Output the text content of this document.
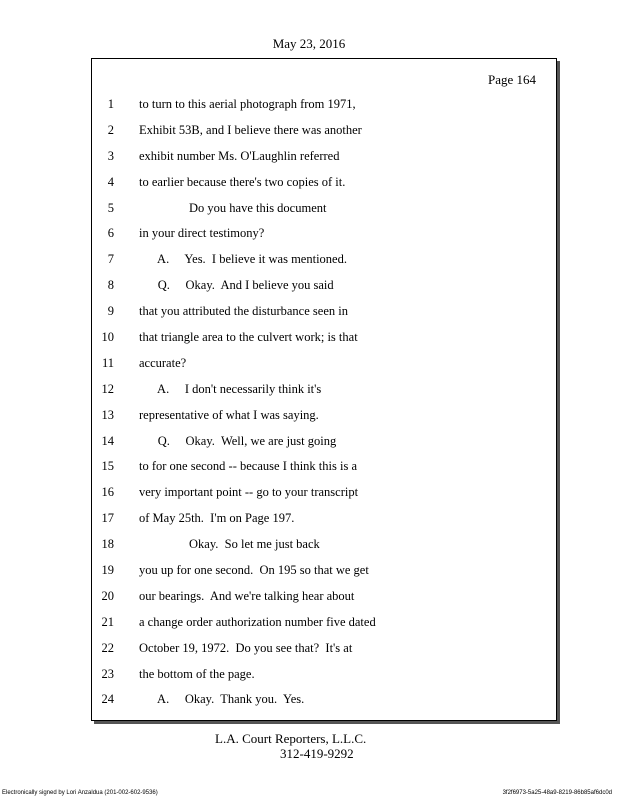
May 23, 2016
Page 164
1 to turn to this aerial photograph from 1971,
2 Exhibit 53B, and I believe there was another
3 exhibit number Ms. O'Laughlin referred
4 to earlier because there's two copies of it.
5 Do you have this document
6 in your direct testimony?
7 A.     Yes.  I believe it was mentioned.
8 Q.     Okay.  And I believe you said
9 that you attributed the disturbance seen in
10 that triangle area to the culvert work; is that
11 accurate?
12 A.     I don't necessarily think it's
13 representative of what I was saying.
14 Q.     Okay.  Well, we are just going
15 to for one second -- because I think this is a
16 very important point -- go to your transcript
17 of May 25th.  I'm on Page 197.
18 Okay.  So let me just back
19 you up for one second.  On 195 so that we get
20 our bearings.  And we're talking hear about
21 a change order authorization number five dated
22 October 19, 1972.  Do you see that?  It's at
23 the bottom of the page.
24 A.     Okay.  Thank you.  Yes.
L.A. Court Reporters, L.L.C.
312-419-9292
Electronically signed by Lori Anzaldua (201-002-602-9536)	3f2f6973-5a25-48a9-8219-86b85af6dc0d
